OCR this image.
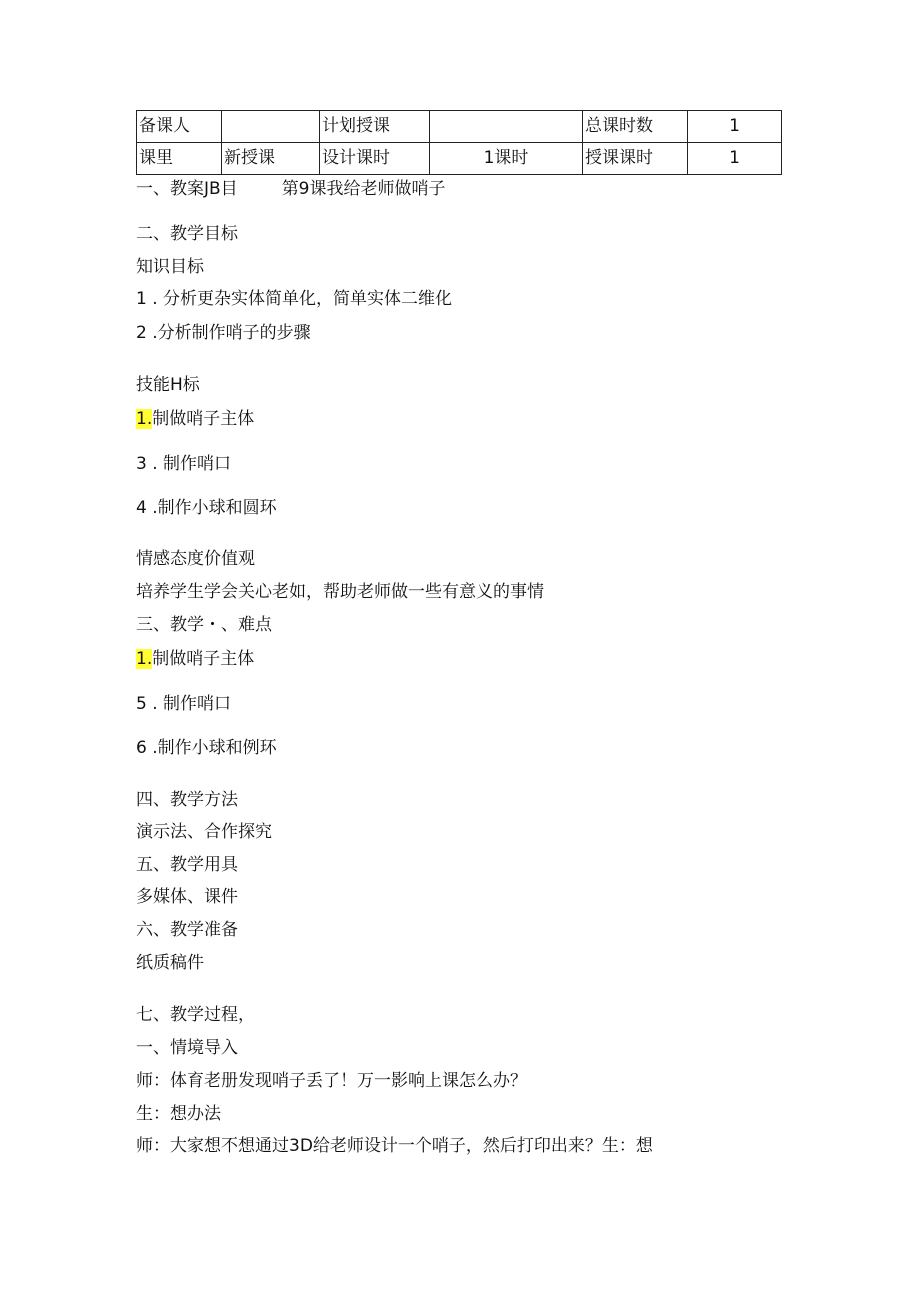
备课人		计划授课		总课时数	1
课里	新授课	设计课时	1课时	授课课时	1
一、教案JB目	第9课我给老师做哨子
二、教学目标
知识目标
1 . 分析更杂实体简单化，简单实体二维化
2 .分析制作哨子的步骤
技能H标
1.制做哨子主体
3 . 制作哨口
4 .制作小球和圆环
情感态度价值观
培养学生学会关心老如，帮助老师做一些有意义的事情
三、教学・、难点
1.制做哨子主体
5 . 制作哨口
6 .制作小球和例环
四、教学方法
演示法、合作探究
五、教学用具
多媒体、课件
六、教学准备
纸质稿件
七、教学过程，
一、情境导入
师：体育老册发现哨子丢了！万一影响上课怎么办？
生：想办法
师：大家想不想通过3D给老师设计一个哨子，然后打印出来？生：想
